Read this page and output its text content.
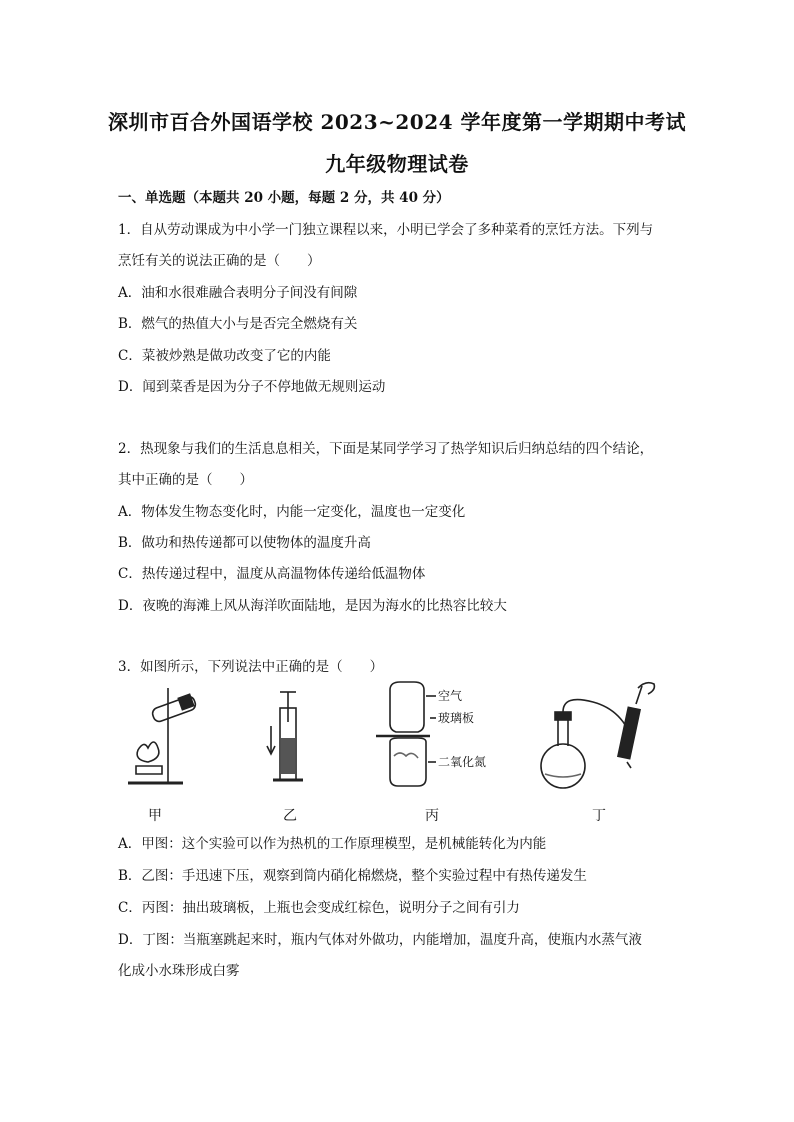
深圳市百合外国语学校 2023~2024 学年度第一学期期中考试
九年级物理试卷
一、单选题（本题共 20 小题，每题 2 分，共 40 分）
1．自从劳动课成为中小学一门独立课程以来，小明已学会了多种菜肴的烹饪方法。下列与
烹饪有关的说法正确的是（　　）
A．油和水很难融合表明分子间没有间隙
B．燃气的热值大小与是否完全燃烧有关
C．菜被炒熟是做功改变了它的内能
D．闻到菜香是因为分子不停地做无规则运动
2．热现象与我们的生活息息相关，下面是某同学学习了热学知识后归纳总结的四个结论，
其中正确的是（　　）
A．物体发生物态变化时，内能一定变化，温度也一定变化
B．做功和热传递都可以使物体的温度升高
C．热传递过程中，温度从高温物体传递给低温物体
D．夜晚的海滩上风从海洋吹面陆地，是因为海水的比热容比较大
3．如图所示，下列说法中正确的是（　　）
空气
玻璃板
二氧化氮
甲	乙	丙	丁
A．甲图：这个实验可以作为热机的工作原理模型，是机械能转化为内能
B．乙图：手迅速下压，观察到筒内硝化棉燃烧，整个实验过程中有热传递发生
C．丙图：抽出玻璃板，上瓶也会变成红棕色，说明分子之间有引力
D．丁图：当瓶塞跳起来时，瓶内气体对外做功，内能增加，温度升高，使瓶内水蒸气液
化成小水珠形成白雾
